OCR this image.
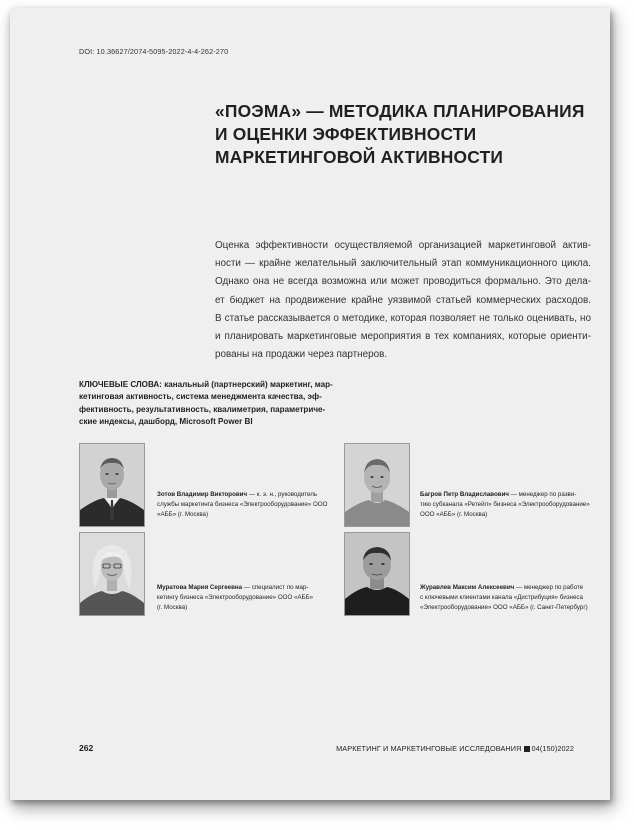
DOI: 10.36627/2074-5095-2022-4-4-262-270
«ПОЭМА» — МЕТОДИКА ПЛАНИРОВАНИЯ
И ОЦЕНКИ ЭФФЕКТИВНОСТИ
МАРКЕТИНГОВОЙ АКТИВНОСТИ
Оценка эффективности осуществляемой организацией маркетинговой актив-
ности — крайне желательный заключительный этап коммуникационного цикла.
Однако она не всегда возможна или может проводиться формально. Это дела-
ет бюджет на продвижение крайне уязвимой статьей коммерческих расходов.
В статье рассказывается о методике, которая позволяет не только оценивать, но
и планировать маркетинговые мероприятия в тех компаниях, которые ориенти-
рованы на продажи через партнеров.
КЛЮЧЕВЫЕ СЛОВА: канальный (партнерский) маркетинг, мар-
кетинговая активность, система менеджмента качества, эф-
фективность, результативность, квалиметрия, параметриче-
ские индексы, дашборд, Microsoft Power BI
Зотов Владимир Викторович — к. э. н., руководитель
службы маркетинга бизнеса «Электрооборудование» ООО
«АББ» (г. Москва)
Багров Петр Владиславович — менеджер по разви-
тию субканала «Ретейл» бизнеса «Электрооборудование»
ООО «АББ» (г. Москва)
Муратова Мария Сергеевна — специалист по мар-
кетингу бизнеса «Электрооборудование» ООО «АББ»
(г. Москва)
Журавлев Максим Алексеевич — менеджер по работе
с ключевыми клиентами канала «Дистрибуция» бизнеса
«Электрооборудование» ООО «АББ» (г. Санкт-Петербург)
262	МАРКЕТИНГ И МАРКЕТИНГОВЫЕ ИССЛЕДОВАНИЯ 04(150)2022
